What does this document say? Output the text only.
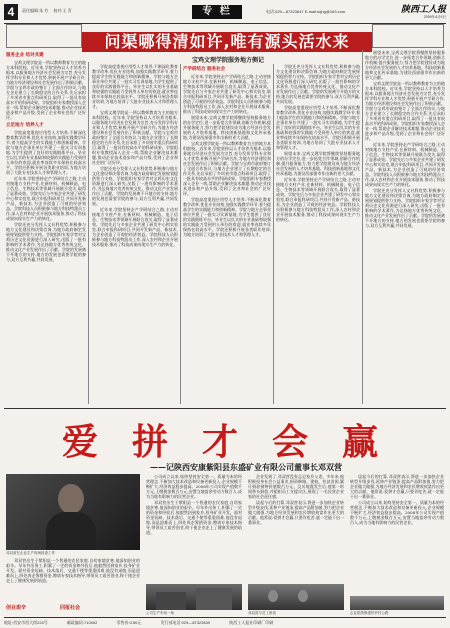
4	责任编辑:朱 芳 校对:王 青	专 栏	电话:029—87323647 E-mail:sqhg@163.com	陕西工人报
2009年4月9日
问渠哪得清如许,唯有源头活水来
宝鸡文理学院服务地方侧记
服务企业 结对共建

宝鸡文理学院是一所以教师教育为主的地方本科院校。近年来,学院坚持以人才培养为根本,以服务地方经济社会发展为宗旨,充分发挥学科专业和人才优势,积极开展产学研合作,为地方经济建设和社会发展作出了积极贡献。学院与宝鸡市政府签订了全面合作协议,与地方企业建立了长期稳定的合作关系,先后承担了多项省市重点科研项目,取得了一批具有较高水平的科研成果。学院组织专家教授深入企业一线,帮助企业解决技术难题,推动企业技术进步和产品升级,受到了企业和社会的广泛好评。

立足地方 培养人才

学院高度重视应用型人才培养,不断深化教育教学改革,优化专业结构,加强实践教学环节,着力提高学生的实践能力和创新精神。学院与地方企事业单位共建了一批实习实训基地,为学生提供了良好的实践锻炼平台。毕业生以扎实的专业基础和较强的实践能力受到用人单位的欢迎,就业率连续多年保持在较高水平。学院还积极开展各类职业培训,为地方培训了大批专业技术人才和管理人才。

近年来,学院坚持走产学研结合之路,主动对接地方支柱产业,在新材料、机械制造、电子信息、生物技术等领域开展联合攻关,取得了显著成效。学院先后与多家企业共建了研发中心和实验室,联合申报科研项目,共同开发新产品、新技术,为企业创造了可观的经济效益。学院科技人员积极参与地方科技特派员工作,深入农村和企业开展技术服务,推动了科技成果向现实生产力的转化。

学院还充分发挥人文社科优势,积极参与地方文化建设和决策咨询,为地方政府制定发展规划提供智力支持。学院组织专家学者对宝鸡历史文化资源进行深入研究,出版了一批有影响的学术著作,为弘扬地方优秀传统文化、推动文化产业发展作出了贡献。学院的发展离不开地方的支持,地方的发展也需要学院的参与,双方互利共赢,共同发展。

学院高度重视应用型人才培养,不断深化教育教学改革,优化专业结构,加强实践教学环节,着力提高学生的实践能力和创新精神。学院与地方企事业单位共建了一批实习实训基地,为学生提供了良好的实践锻炼平台。毕业生以扎实的专业基础和较强的实践能力受到用人单位的欢迎,就业率连续多年保持在较高水平。学院还积极开展各类职业培训,为地方培训了大批专业技术人才和管理人才。

宝鸡文理学院是一所以教师教育为主的地方本科院校。近年来,学院坚持以人才培养为根本,以服务地方经济社会发展为宗旨,充分发挥学科专业和人才优势,积极开展产学研合作,为地方经济建设和社会发展作出了积极贡献。学院与宝鸡市政府签订了全面合作协议,与地方企业建立了长期稳定的合作关系,先后承担了多项省市重点科研项目,取得了一批具有较高水平的科研成果。学院组织专家教授深入企业一线,帮助企业解决技术难题,推动企业技术进步和产品升级,受到了企业和社会的广泛好评。

学院还充分发挥人文社科优势,积极参与地方文化建设和决策咨询,为地方政府制定发展规划提供智力支持。学院组织专家学者对宝鸡历史文化资源进行深入研究,出版了一批有影响的学术著作,为弘扬地方优秀传统文化、推动文化产业发展作出了贡献。学院的发展离不开地方的支持,地方的发展也需要学院的参与,双方互利共赢,共同发展。

近年来,学院坚持走产学研结合之路,主动对接地方支柱产业,在新材料、机械制造、电子信息、生物技术等领域开展联合攻关,取得了显著成效。学院先后与多家企业共建了研发中心和实验室,联合申报科研项目,共同开发新产品、新技术,为企业创造了可观的经济效益。学院科技人员积极参与地方科技特派员工作,深入农村和企业开展技术服务,推动了科技成果向现实生产力的转化。

产学研结合 服务社会

近年来,学院坚持走产学研结合之路,主动对接地方支柱产业,在新材料、机械制造、电子信息、生物技术等领域开展联合攻关,取得了显著成效。学院先后与多家企业共建了研发中心和实验室,联合申报科研项目,共同开发新产品、新技术,为企业创造了可观的经济效益。学院科技人员积极参与地方科技特派员工作,深入农村和企业开展技术服务,推动了科技成果向现实生产力的转化。

展望未来,宝鸡文理学院将继续坚持服务地方的办学定位,进一步拓宽合作领域,创新合作机制,提升服务能力,努力把学院建设成为地方经济社会发展的人才培养基地、科技创新基地和文化传承基地,为建设西部强市作出新的更大贡献。

宝鸡文理学院是一所以教师教育为主的地方本科院校。近年来,学院坚持以人才培养为根本,以服务地方经济社会发展为宗旨,充分发挥学科专业和人才优势,积极开展产学研合作,为地方经济建设和社会发展作出了积极贡献。学院与宝鸡市政府签订了全面合作协议,与地方企业建立了长期稳定的合作关系,先后承担了多项省市重点科研项目,取得了一批具有较高水平的科研成果。学院组织专家教授深入企业一线,帮助企业解决技术难题,推动企业技术进步和产品升级,受到了企业和社会的广泛好评。

学院高度重视应用型人才培养,不断深化教育教学改革,优化专业结构,加强实践教学环节,着力提高学生的实践能力和创新精神。学院与地方企事业单位共建了一批实习实训基地,为学生提供了良好的实践锻炼平台。毕业生以扎实的专业基础和较强的实践能力受到用人单位的欢迎,就业率连续多年保持在较高水平。学院还积极开展各类职业培训,为地方培训了大批专业技术人才和管理人才。

学院还充分发挥人文社科优势,积极参与地方文化建设和决策咨询,为地方政府制定发展规划提供智力支持。学院组织专家学者对宝鸡历史文化资源进行深入研究,出版了一批有影响的学术著作,为弘扬地方优秀传统文化、推动文化产业发展作出了贡献。学院的发展离不开地方的支持,地方的发展也需要学院的参与,双方互利共赢,共同发展。

学院高度重视应用型人才培养,不断深化教育教学改革,优化专业结构,加强实践教学环节,着力提高学生的实践能力和创新精神。学院与地方企事业单位共建了一批实习实训基地,为学生提供了良好的实践锻炼平台。毕业生以扎实的专业基础和较强的实践能力受到用人单位的欢迎,就业率连续多年保持在较高水平。学院还积极开展各类职业培训,为地方培训了大批专业技术人才和管理人才。

展望未来,宝鸡文理学院将继续坚持服务地方的办学定位,进一步拓宽合作领域,创新合作机制,提升服务能力,努力把学院建设成为地方经济社会发展的人才培养基地、科技创新基地和文化传承基地,为建设西部强市作出新的更大贡献。

近年来,学院坚持走产学研结合之路,主动对接地方支柱产业,在新材料、机械制造、电子信息、生物技术等领域开展联合攻关,取得了显著成效。学院先后与多家企业共建了研发中心和实验室,联合申报科研项目,共同开发新产品、新技术,为企业创造了可观的经济效益。学院科技人员积极参与地方科技特派员工作,深入农村和企业开展技术服务,推动了科技成果向现实生产力的转化。

展望未来,宝鸡文理学院将继续坚持服务地方的办学定位,进一步拓宽合作领域,创新合作机制,提升服务能力,努力把学院建设成为地方经济社会发展的人才培养基地、科技创新基地和文化传承基地,为建设西部强市作出新的更大贡献。

宝鸡文理学院是一所以教师教育为主的地方本科院校。近年来,学院坚持以人才培养为根本,以服务地方经济社会发展为宗旨,充分发挥学科专业和人才优势,积极开展产学研合作,为地方经济建设和社会发展作出了积极贡献。学院与宝鸡市政府签订了全面合作协议,与地方企业建立了长期稳定的合作关系,先后承担了多项省市重点科研项目,取得了一批具有较高水平的科研成果。学院组织专家教授深入企业一线,帮助企业解决技术难题,推动企业技术进步和产品升级,受到了企业和社会的广泛好评。

近年来,学院坚持走产学研结合之路,主动对接地方支柱产业,在新材料、机械制造、电子信息、生物技术等领域开展联合攻关,取得了显著成效。学院先后与多家企业共建了研发中心和实验室,联合申报科研项目,共同开发新产品、新技术,为企业创造了可观的经济效益。学院科技人员积极参与地方科技特派员工作,深入农村和企业开展技术服务,推动了科技成果向现实生产力的转化。

学院还充分发挥人文社科优势,积极参与地方文化建设和决策咨询,为地方政府制定发展规划提供智力支持。学院组织专家学者对宝鸡历史文化资源进行深入研究,出版了一批有影响的学术著作,为弘扬地方优秀传统文化、推动文化产业发展作出了贡献。学院的发展离不开地方的支持,地方的发展也需要学院的参与,双方互利共赢,共同发展。

爱 拼 才 会 赢
——记陕西安康紫阳县东盛矿业有限公司董事长邓双营
邓双营在企业生产现场检查工作

邓双营出生于紫阳县一个普通的农民家庭,自幼家境贫寒,他深知创业的艰辛。早年外出务工,积累了一定的资金和经验后,他毅然回到家乡,投身矿业开发。面对资金短缺、技术落后、交通不便等重重困难,他没有退缩,而是迎难而上,四处奔走筹措资金,聘请专家技术指导,带领员工艰苦创业,终于使企业走上了健康发展的轨道。

创业艰辛	回报社会

公司成立以来,始终坚持安全第一、质量为本的经营理念,不断加大技术改造和设备更新投入,企业规模不断扩大,经济效益稳步提高。2008年公司实现产值数千万元,上缴税金数百万元,安置当地富余劳动力数百人,成为当地有影响力的民营企业。

邓双营出生于紫阳县一个普通的农民家庭,自幼家境贫寒,他深知创业的艰辛。早年外出务工,积累了一定的资金和经验后,他毅然回到家乡,投身矿业开发。面对资金短缺、技术落后、交通不便等重重困难,他没有退缩,而是迎难而上,四处奔走筹措资金,聘请专家技术指导,带领员工艰苦创业,终于使企业走上了健康发展的轨道。

企业发展了,邓双营没有忘记家乡父老。多年来,他积极投身社会公益事业,捐资修路、建校、扶贫济困,累计捐款捐物价值数百万元。汶川地震发生后,他第一时间带头捐款,并组织员工支援灾区,展现了一名民营企业家的社会责任感。

谈起今后的打算,邓双营表示,将进一步加快企业转型升级步伐,延伸产业链条,提高产品附加值,努力把企业做大做强,为地方经济发展和农民增收致富作出更大的贡献。他常说:爱拼才会赢,只要肯吃苦,就一定能干出一番事业。

谈起今后的打算,邓双营表示,将进一步加快企业转型升级步伐,延伸产业链条,提高产品附加值,努力把企业做大做强,为地方经济发展和农民增收致富作出更大的贡献。他常说:爱拼才会赢,只要肯吃苦,就一定能干出一番事业。

公司成立以来,始终坚持安全第一、质量为本的经营理念,不断加大技术改造和设备更新投入,企业规模不断扩大,经济效益稳步提高。2008年公司实现产值数千万元,上缴税金数百万元,安置当地富余劳动力数百人,成为当地有影响力的民营企业。

公司生产车间一角	邓双营与员工座谈	企业捐资修建的乡村公路
地址:西安市西大街224号	邮政编码:710002	零售价:0.50元	发行部电话:029—87323639	陕西工人报社印刷厂印刷
